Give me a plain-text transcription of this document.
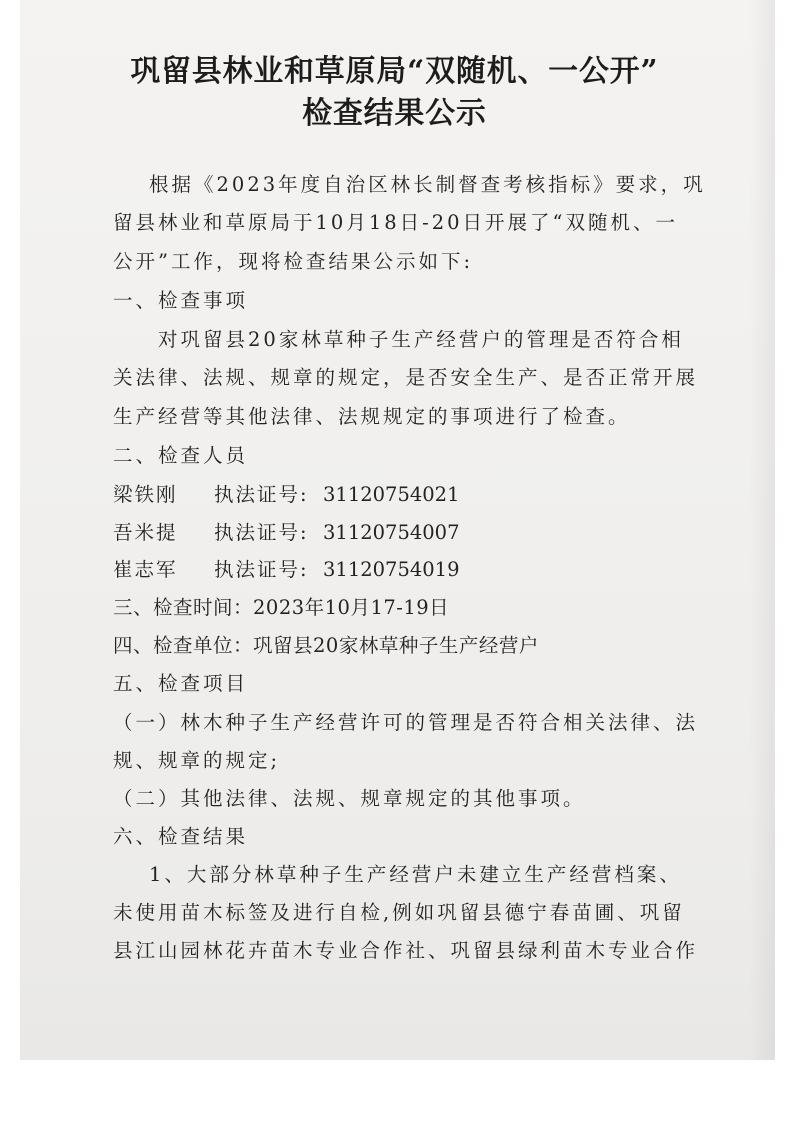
巩留县林业和草原局“双随机、一公开”
检查结果公示
根据《2023年度自治区林长制督查考核指标》要求，巩
留县林业和草原局于10月18日-20日开展了“双随机、一
公开”工作，现将检查结果公示如下:
一、检查事项
对巩留县20家林草种子生产经营户的管理是否符合相
关法律、法规、规章的规定，是否安全生产、是否正常开展
生产经营等其他法律、法规规定的事项进行了检查。
二、检查人员
梁铁刚 执法证号: 31120754021
吾米提 执法证号: 31120754007
崔志军 执法证号: 31120754019
三、检查时间：2023年10月17-19日
四、检查单位：巩留县20家林草种子生产经营户
五、检查项目
（一）林木种子生产经营许可的管理是否符合相关法律、法
规、规章的规定;
（二）其他法律、法规、规章规定的其他事项。
六、检查结果
1、大部分林草种子生产经营户未建立生产经营档案、
未使用苗木标签及进行自检,例如巩留县德宁春苗圃、巩留
县江山园林花卉苗木专业合作社、巩留县绿利苗木专业合作
